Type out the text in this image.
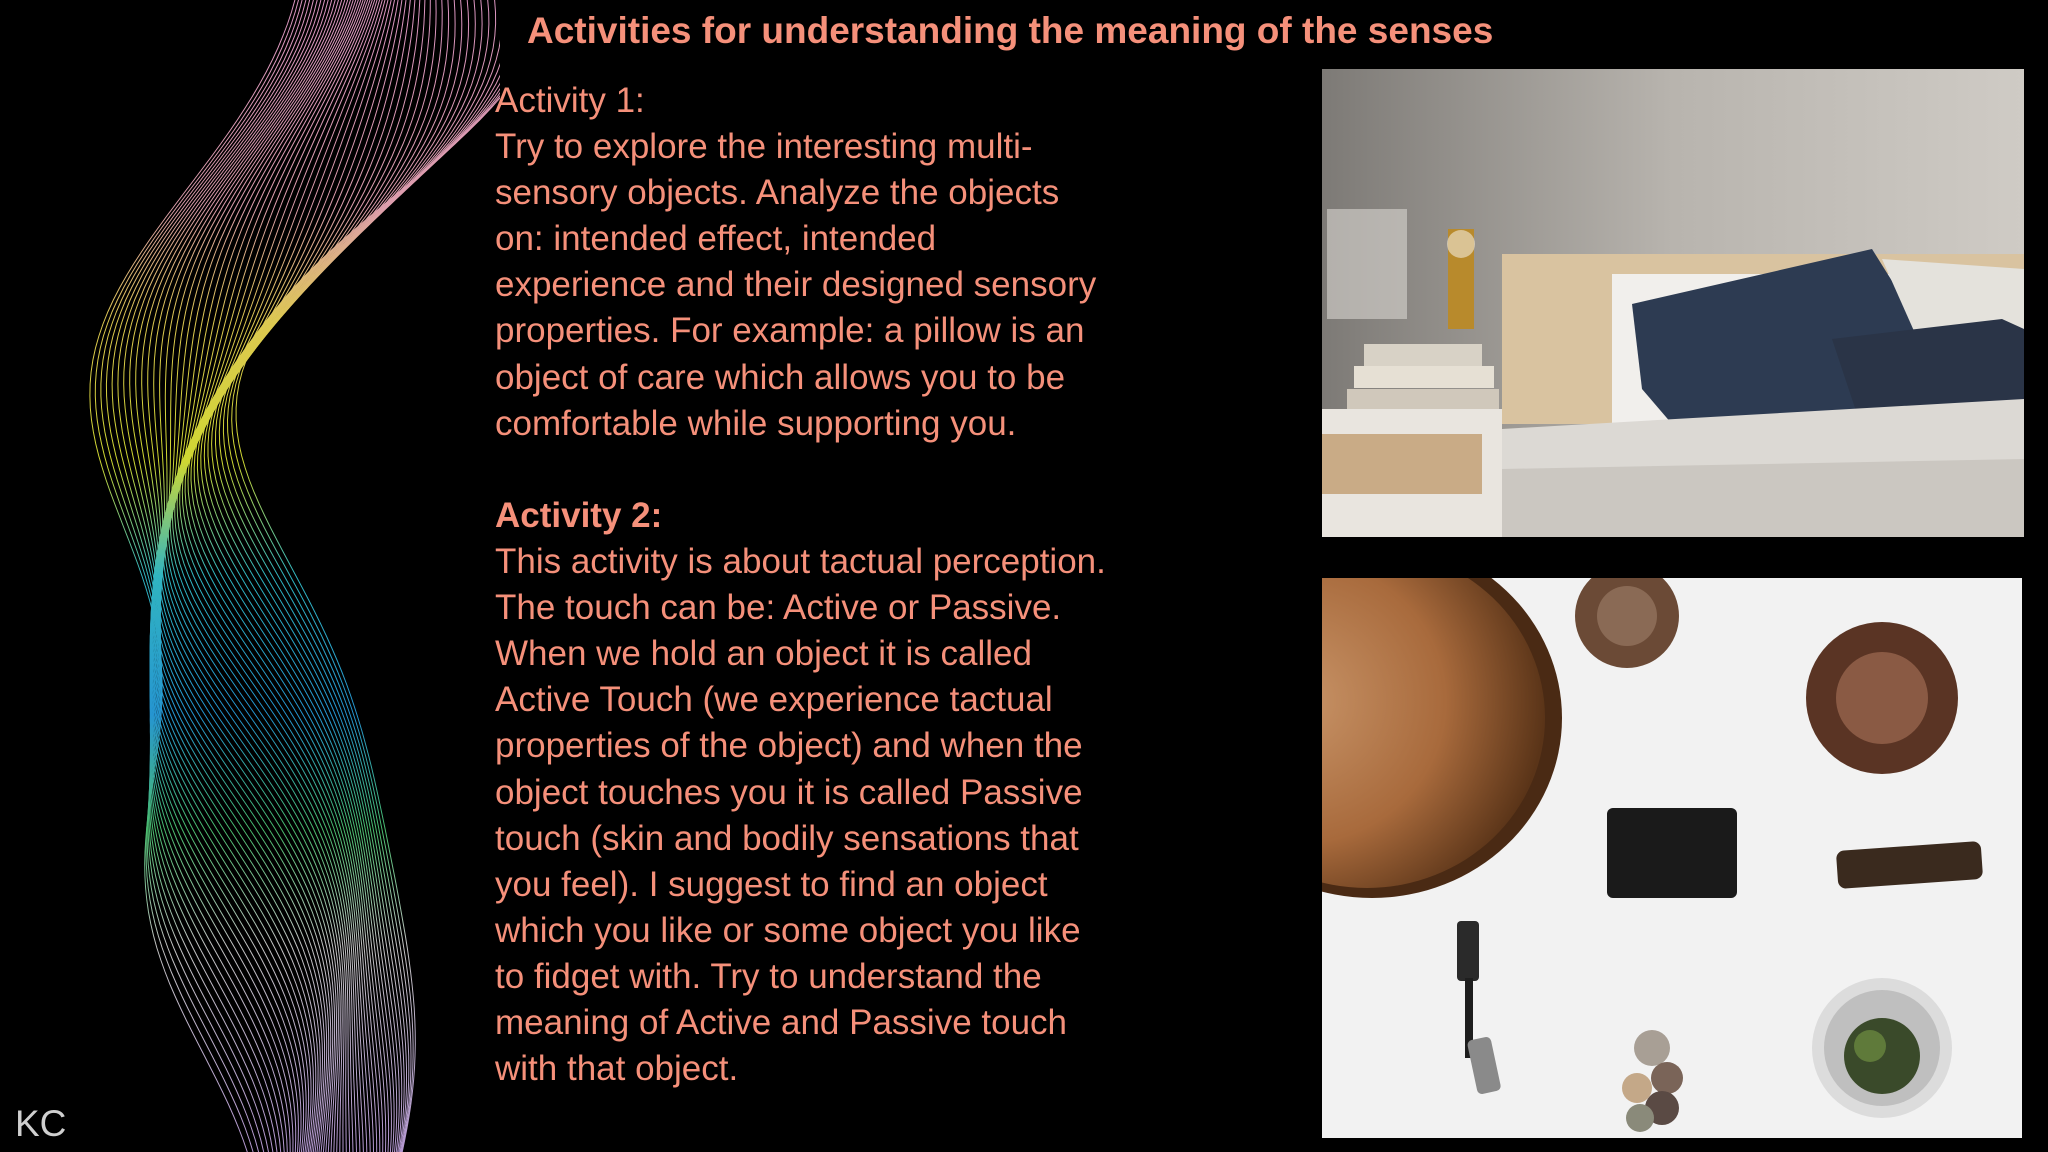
Activities for understanding the meaning of the senses
Activity 1:
Try to explore the interesting multi-
sensory objects. Analyze the objects
on: intended effect, intended
experience and their designed sensory
properties. For example: a pillow is an
object of care which allows you to be
comfortable while supporting you.
Activity 2:
This activity is about tactual perception.
The touch can be: Active or Passive.
When we hold an object it is called
Active Touch (we experience tactual
properties of the object) and when the
object touches you it is called Passive
touch (skin and bodily sensations that
you feel). I suggest to find an object
which you like or some object you like
to fidget with. Try to understand the
meaning of Active and Passive touch
with that object.
KC
